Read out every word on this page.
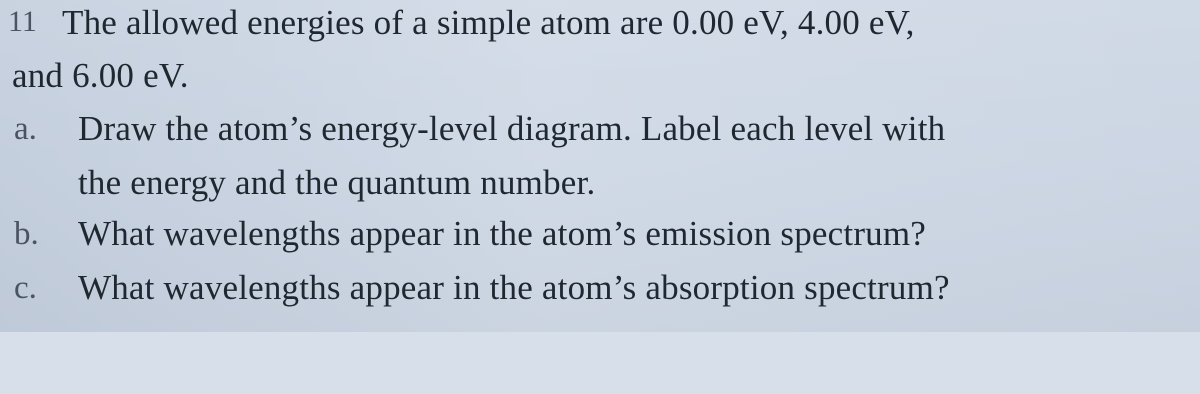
11 The allowed energies of a simple atom are 0.00 eV, 4.00 eV,
and 6.00 eV.
a. Draw the atom’s energy-level diagram. Label each level with
the energy and the quantum number.
b. What wavelengths appear in the atom’s emission spectrum?
c. What wavelengths appear in the atom’s absorption spectrum?
